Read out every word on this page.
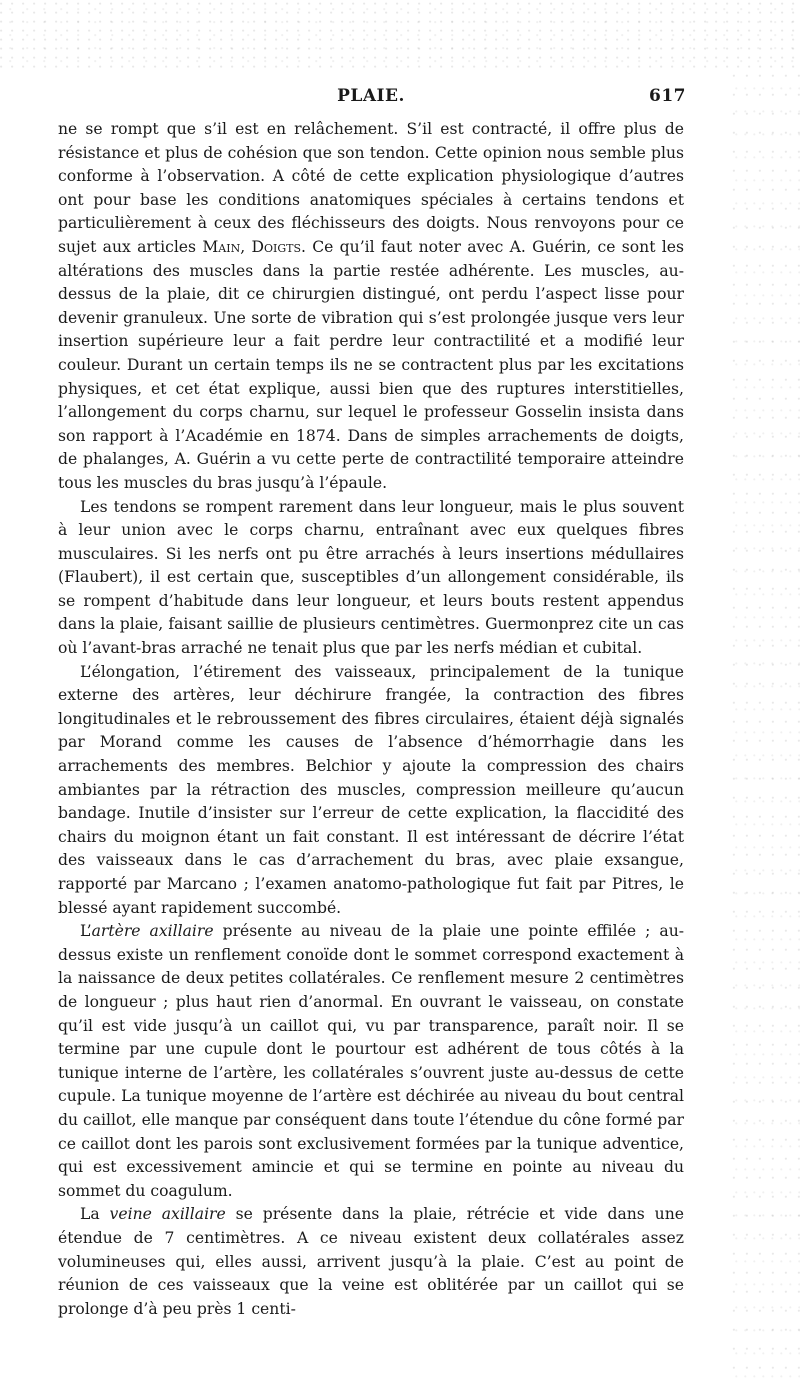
PLAIE.	617

ne se rompt que s’il est en relâchement. S’il est contracté, il offre plus de résistance et plus de cohésion que son tendon. Cette opinion nous semble plus conforme à l’observation. A côté de cette explication physiologique d’autres ont pour base les conditions anatomiques spéciales à certains tendons et particulièrement à ceux des fléchisseurs des doigts. Nous renvoyons pour ce sujet aux articles Main, Doigts. Ce qu’il faut noter avec A. Guérin, ce sont les altérations des muscles dans la partie restée adhérente. Les muscles, au-dessus de la plaie, dit ce chirurgien distingué, ont perdu l’aspect lisse pour devenir granuleux. Une sorte de vibration qui s’est prolongée jusque vers leur insertion supérieure leur a fait perdre leur contractilité et a modifié leur couleur. Durant un certain temps ils ne se contractent plus par les excitations physiques, et cet état explique, aussi bien que des ruptures interstitielles, l’allongement du corps charnu, sur lequel le professeur Gosselin insista dans son rapport à l’Académie en 1874. Dans de simples arrachements de doigts, de phalanges, A. Guérin a vu cette perte de contractilité temporaire atteindre tous les muscles du bras jusqu’à l’épaule.

Les tendons se rompent rarement dans leur longueur, mais le plus souvent à leur union avec le corps charnu, entraînant avec eux quelques fibres musculaires. Si les nerfs ont pu être arrachés à leurs insertions médullaires (Flaubert), il est certain que, susceptibles d’un allongement considérable, ils se rompent d’habitude dans leur longueur, et leurs bouts restent appendus dans la plaie, faisant saillie de plusieurs centimètres. Guermonprez cite un cas où l’avant-bras arraché ne tenait plus que par les nerfs médian et cubital.

L’élongation, l’étirement des vaisseaux, principalement de la tunique externe des artères, leur déchirure frangée, la contraction des fibres longitudinales et le rebroussement des fibres circulaires, étaient déjà signalés par Morand comme les causes de l’absence d’hémorrhagie dans les arrachements des membres. Belchior y ajoute la compression des chairs ambiantes par la rétraction des muscles, compression meilleure qu’aucun bandage. Inutile d’insister sur l’erreur de cette explication, la flaccidité des chairs du moignon étant un fait constant. Il est intéressant de décrire l’état des vaisseaux dans le cas d’arrachement du bras, avec plaie exsangue, rapporté par Marcano ; l’examen anatomo-pathologique fut fait par Pitres, le blessé ayant rapidement succombé.

L’artère axillaire présente au niveau de la plaie une pointe effilée ; au-dessus existe un renflement conoïde dont le sommet correspond exactement à la naissance de deux petites collatérales. Ce renflement mesure 2 centimètres de longueur ; plus haut rien d’anormal. En ouvrant le vaisseau, on constate qu’il est vide jusqu’à un caillot qui, vu par transparence, paraît noir. Il se termine par une cupule dont le pourtour est adhérent de tous côtés à la tunique interne de l’artère, les collatérales s’ouvrent juste au-dessus de cette cupule. La tunique moyenne de l’artère est déchirée au niveau du bout central du caillot, elle manque par conséquent dans toute l’étendue du cône formé par ce caillot dont les parois sont exclusivement formées par la tunique adventice, qui est excessivement amincie et qui se termine en pointe au niveau du sommet du coagulum.

La veine axillaire se présente dans la plaie, rétrécie et vide dans une étendue de 7 centimètres. A ce niveau existent deux collatérales assez volumineuses qui, elles aussi, arrivent jusqu’à la plaie. C’est au point de réunion de ces vaisseaux que la veine est oblitérée par un caillot qui se prolonge d’à peu près 1 centi-
